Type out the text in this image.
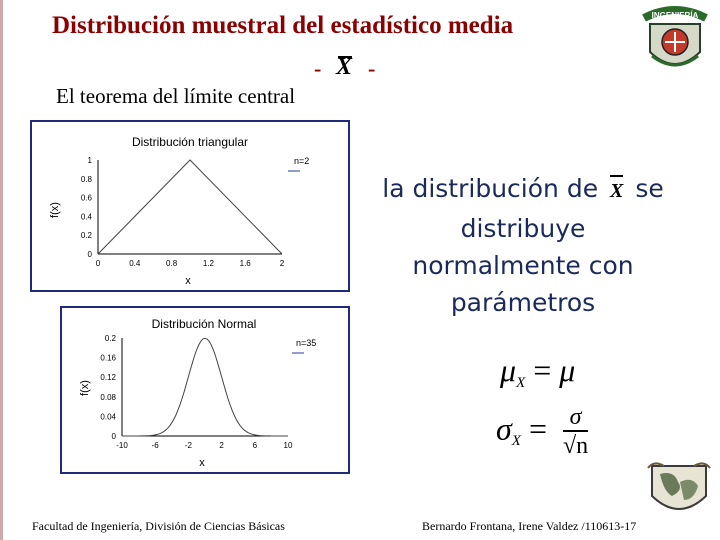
Distribución muestral del estadístico media
- X -
El teorema del límite central
INGENIERÍA
Distribución triangular
0
0.2
0.4
0.6
0.8
1
0	0.4	0.8	1.2	1.6	2
f(x)
x
n=2
Distribución Normal
0
0.04
0.08
0.12
0.16
0.2
-10	-6	-2	2	6	10
f(x)
x
n=35
la distribución de X se
distribuye
normalmente con
parámetros
μX = μ
$\sigma X = \frac{\sigma}{√n}$
Facultad de Ingeniería, División de Ciencias Básicas	Bernardo Frontana, Irene Valdez /110613-17
